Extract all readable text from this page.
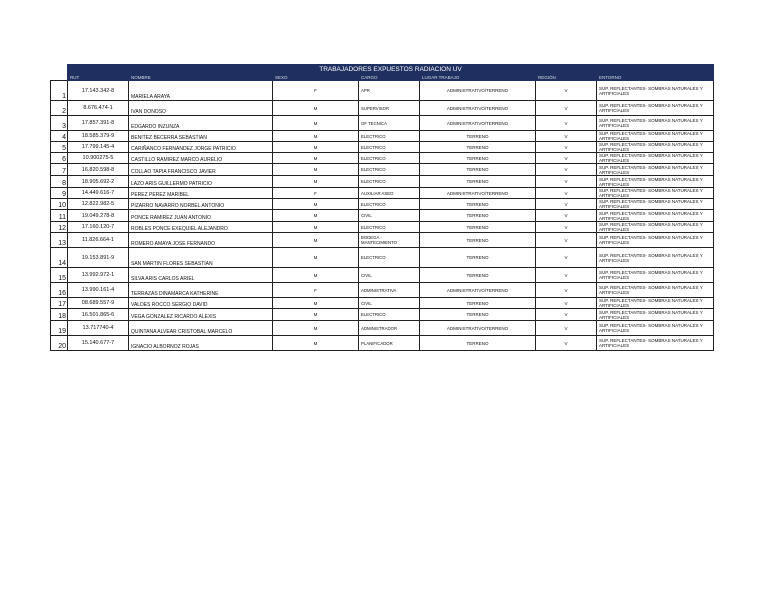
	TRABAJADORES EXPUESTOS RADIACION UV						
	RUT	NOMBRE	SEXO	CARGO	LUGAR TRABAJO	REGIÓN	ENTORNO
1	17.143.342-8	MARIELA ARAYA	F	APR	ADMINISTRATIVO/TERRENO	V	SUP. REFLECTANTES- SOMBRAS NATURALES Y ARTIFICIALES
2	8.676.474-1	IVAN DONOSO	M	SUPERVISOR	ADMINISTRATIVO/TERRENO	V	SUP. REFLECTANTES- SOMBRAS NATURALES Y ARTIFICIALES
3	17.857.391-8	EDGARDO INZUNZA	M	OF TECNICA	ADMINISTRATIVO/TERRENO	V	SUP. REFLECTANTES- SOMBRAS NATURALES Y ARTIFICIALES
4	18.585.379-9	BENITEZ BECERRA SEBASTIAN	M	ELECTRICO	TERRENO	V	SUP. REFLECTANTES- SOMBRAS NATURALES Y ARTIFICIALES
5	17.799.145-4	CARIÑANCO FERNANDEZ JORGE PATRICIO	M	ELECTRICO	TERRENO	V	SUP. REFLECTANTES- SOMBRAS NATURALES Y ARTIFICIALES
6	10.900275-5	CASTILLO RAMIREZ MARCO AURELIO	M	ELECTRICO	TERRENO	V	SUP. REFLECTANTES- SOMBRAS NATURALES Y ARTIFICIALES
7	16.820.598-8	COLLAO TAPIA FRANCISCO JAVIER	M	ELECTRICO	TERRENO	V	SUP. REFLECTANTES- SOMBRAS NATURALES Y ARTIFICIALES
8	18.905.692-2	LAZO ARIS GUILLERMO PATRICIO	M	ELECTRICO	TERRENO	V	SUP. REFLECTANTES- SOMBRAS NATURALES Y ARTIFICIALES
9	14.449.616-7	PEREZ PEREZ MARIBEL	F	AUXILIAR ASEO	ADMINISTRATIVO/TERRENO	V	SUP. REFLECTANTES- SOMBRAS NATURALES Y ARTIFICIALES
10	12.822.982-5	PIZARRO NAVARRO NORBEL ANTONIO	M	ELECTRICO	TERRENO	V	SUP. REFLECTANTES- SOMBRAS NATURALES Y ARTIFICIALES
11	19.049.278-8	PONCE RAMIREZ JUAN ANTONIO	M	CIVIL	TERRENO	V	SUP. REFLECTANTES- SOMBRAS NATURALES Y ARTIFICIALES
12	17.160.120-7	ROBLES PONCE EXEQUIEL ALEJANDRO	M	ELECTRICO	TERRENO	V	SUP. REFLECTANTES- SOMBRAS NATURALES Y ARTIFICIALES
13	11.826.664-1	ROMERO AMAYA JOSE FERNANDO	M	BODEGA - MANTECIMIENTO	TERRENO	V	SUP. REFLECTANTES- SOMBRAS NATURALES Y ARTIFICIALES
14	19.153.891-9	SAN MARTIN FLORES SEBASTIAN	M	ELECTRICO	TERRENO	V	SUP. REFLECTANTES- SOMBRAS NATURALES Y ARTIFICIALES
15	13.992.972-1	SILVA ARIS CARLOS ARIEL	M	CIVIL	TERRENO	V	SUP. REFLECTANTES- SOMBRAS NATURALES Y ARTIFICIALES
16	13.990.161-4	TERRAZAS DINAMARCA KATHERINE	F	ADMINISTRATIVA	ADMINISTRATIVO/TERRENO	V	SUP. REFLECTANTES- SOMBRAS NATURALES Y ARTIFICIALES
17	08.689.557-9	VALDES ROCCO SERGIO DAVID	M	CIVIL	TERRENO	V	SUP. REFLECTANTES- SOMBRAS NATURALES Y ARTIFICIALES
18	16.501.865-6	VEGA GONZALEZ RICARDO ALEXIS	M	ELECTRICO	TERRENO	V	SUP. REFLECTANTES- SOMBRAS NATURALES Y ARTIFICIALES
19	13.717740-4	QUINTANA ALVEAR CRISTOBAL MARCELO	M	ADMINISTRADOR	ADMINISTRATIVO/TERRENO	V	SUP. REFLECTANTES- SOMBRAS NATURALES Y ARTIFICIALES
20	15.140.677-7	IGNACIO ALBORNOZ ROJAS	M	PLANIFICADOR	TERRENO	V	SUP. REFLECTANTES- SOMBRAS NATURALES Y ARTIFICIALES
